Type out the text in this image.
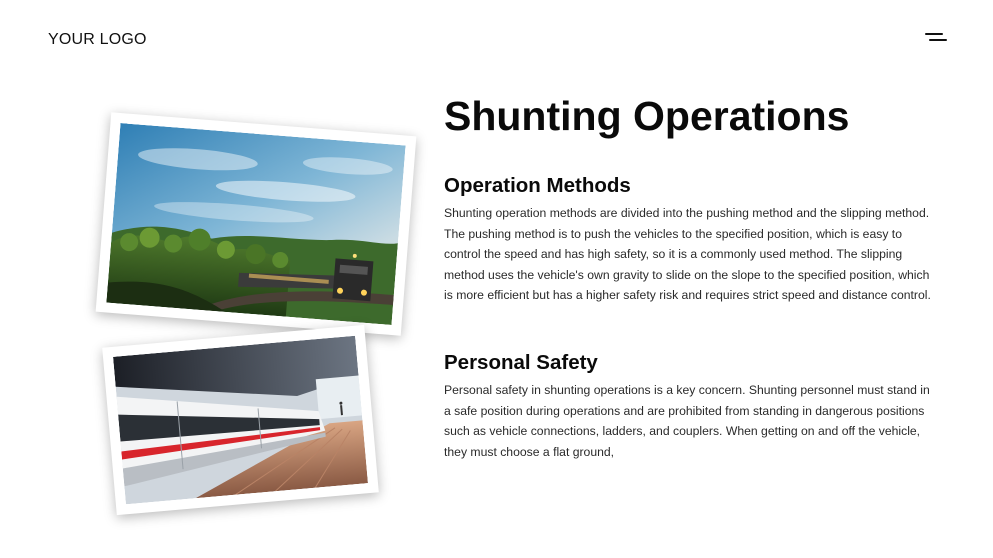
YOUR LOGO
Shunting Operations
Operation Methods
Shunting operation methods are divided into the pushing method and the slipping method. The pushing method is to push the vehicles to the specified position, which is easy to control the speed and has high safety, so it is a commonly used method. The slipping method uses the vehicle's own gravity to slide on the slope to the specified position, which is more efficient but has a higher safety risk and requires strict speed and distance control.
Personal Safety
Personal safety in shunting operations is a key concern. Shunting personnel must stand in a safe position during operations and are prohibited from standing in dangerous positions such as vehicle connections, ladders, and couplers. When getting on and off the vehicle, they must choose a flat ground,
